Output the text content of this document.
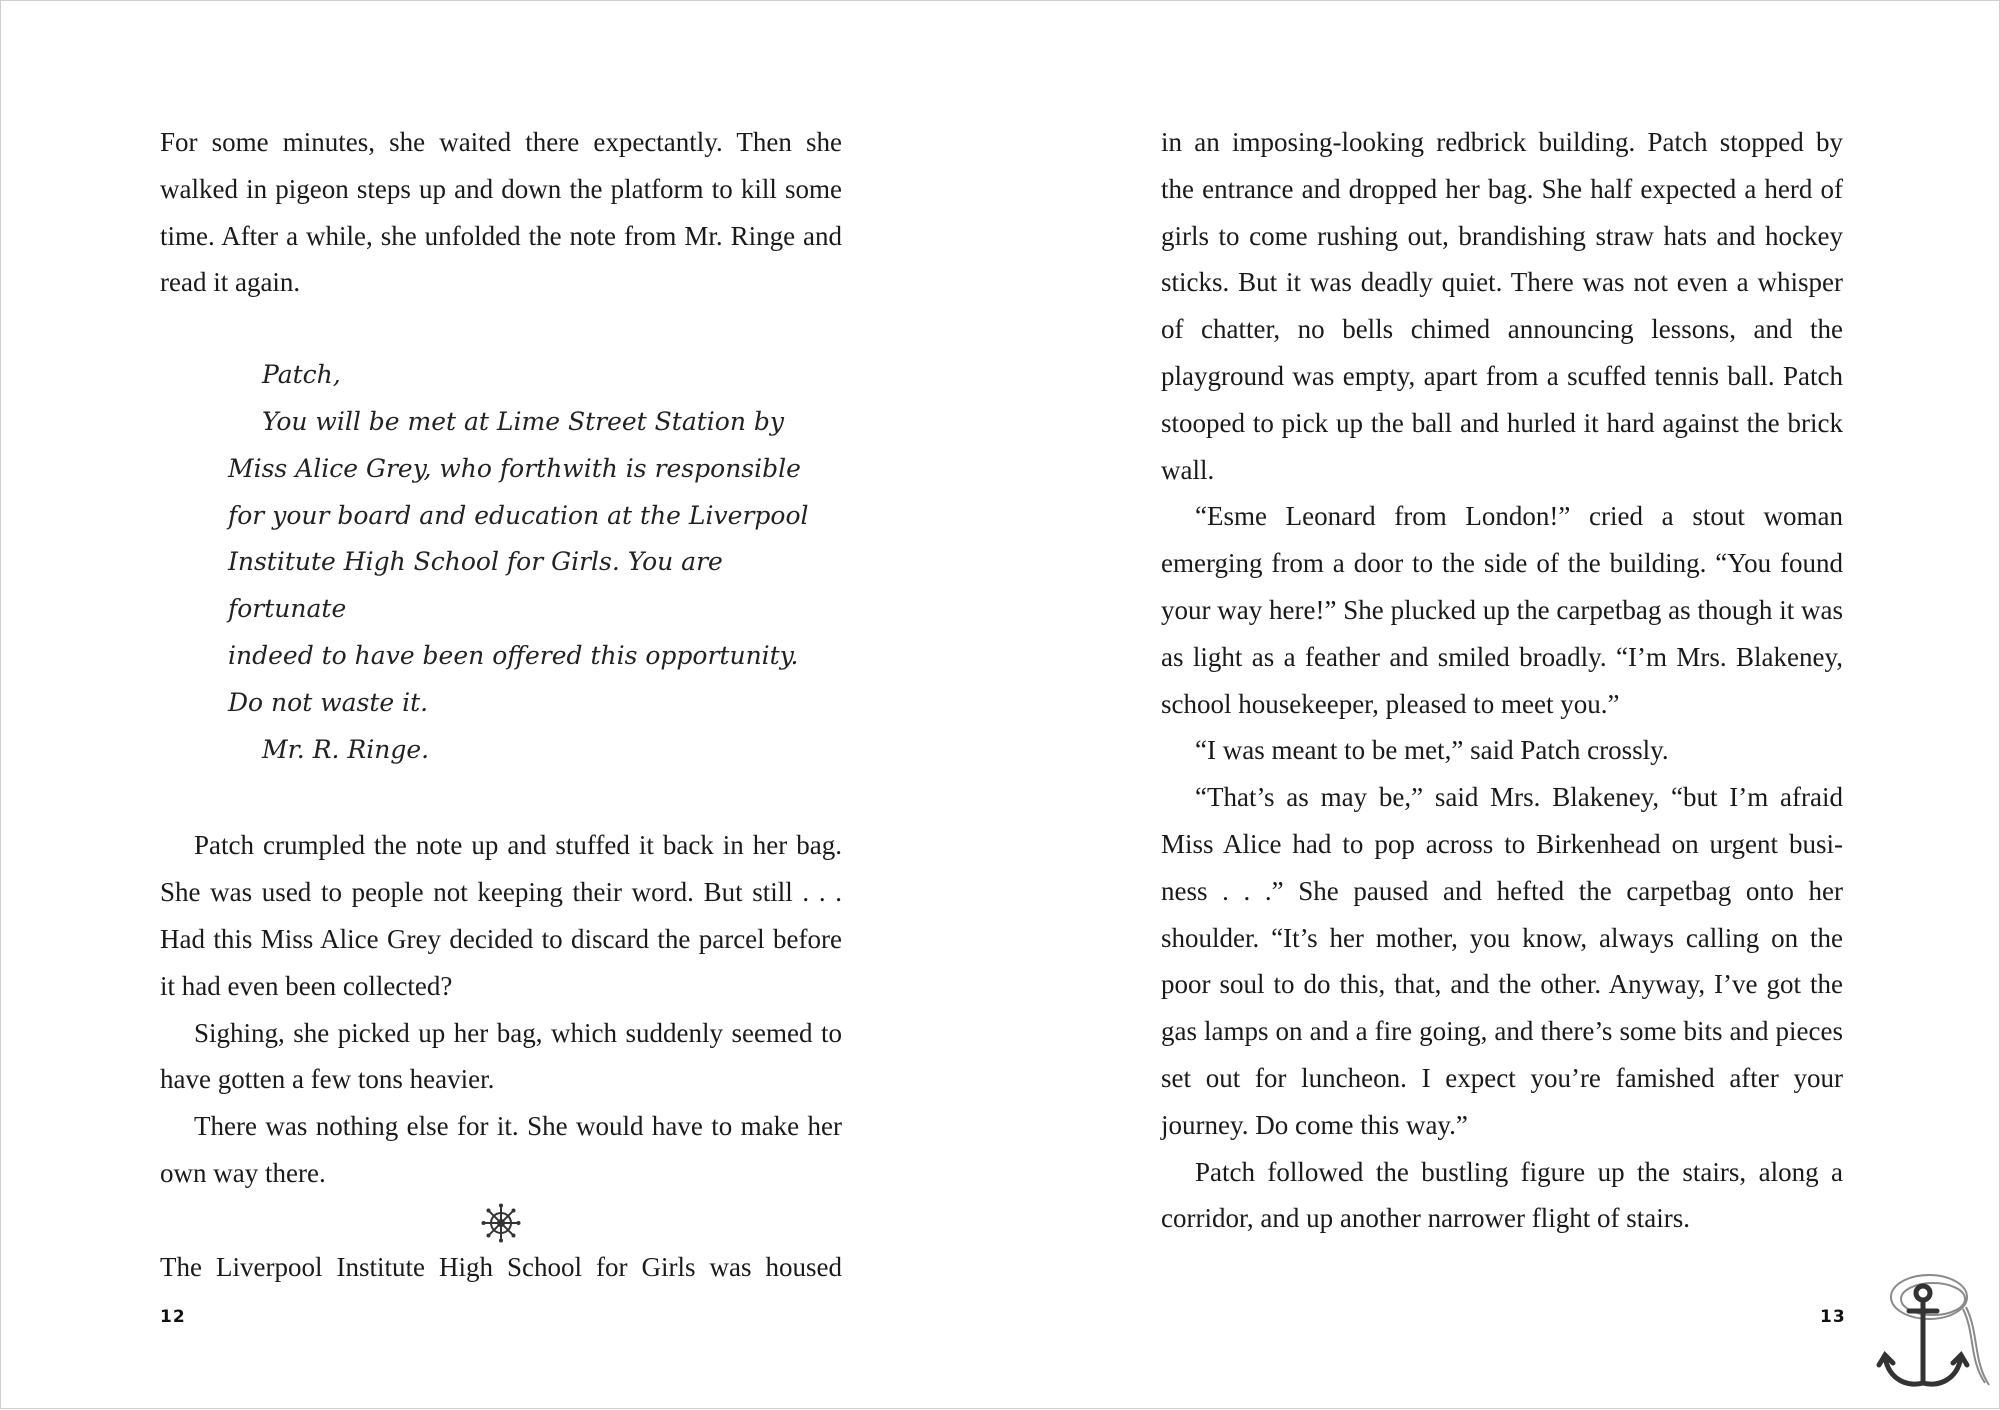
For some minutes, she waited there expectantly. Then she walked in pigeon steps up and down the platform to kill some time. After a while, she unfolded the note from Mr. Ringe and read it again.

Patch,
You will be met at Lime Street Station by
Miss Alice Grey, who forthwith is responsible
for your board and education at the Liverpool
Institute High School for Girls. You are fortunate
indeed to have been offered this opportunity.
Do not waste it.
Mr. R. Ringe.

Patch crumpled the note up and stuffed it back in her bag. She was used to people not keeping their word. But still . . . Had this Miss Alice Grey decided to discard the parcel before it had even been collected?

Sighing, she picked up her bag, which suddenly seemed to have gotten a few tons heavier.

There was nothing else for it. She would have to make her own way there.

The Liverpool Institute High School for Girls was housed

12

in an imposing-looking redbrick building. Patch stopped by the entrance and dropped her bag. She half expected a herd of girls to come rushing out, brandishing straw hats and hockey sticks. But it was deadly quiet. There was not even a whisper of chatter, no bells chimed announcing lessons, and the playground was empty, apart from a scuffed tennis ball. Patch stooped to pick up the ball and hurled it hard against the brick wall.

“Esme Leonard from London!” cried a stout woman emerging from a door to the side of the building. “You found your way here!” She plucked up the carpetbag as though it was as light as a feather and smiled broadly. “I’m Mrs. Blakeney, school housekeeper, pleased to meet you.”

“I was meant to be met,” said Patch crossly.

“That’s as may be,” said Mrs. Blakeney, “but I’m afraid Miss Alice had to pop across to Birkenhead on urgent busi-ness . . .” She paused and hefted the carpetbag onto her shoulder. “It’s her mother, you know, always calling on the poor soul to do this, that, and the other. Anyway, I’ve got the gas lamps on and a fire going, and there’s some bits and pieces set out for luncheon. I expect you’re famished after your journey. Do come this way.”

Patch followed the bustling figure up the stairs, along a corridor, and up another narrower flight of stairs.

13
